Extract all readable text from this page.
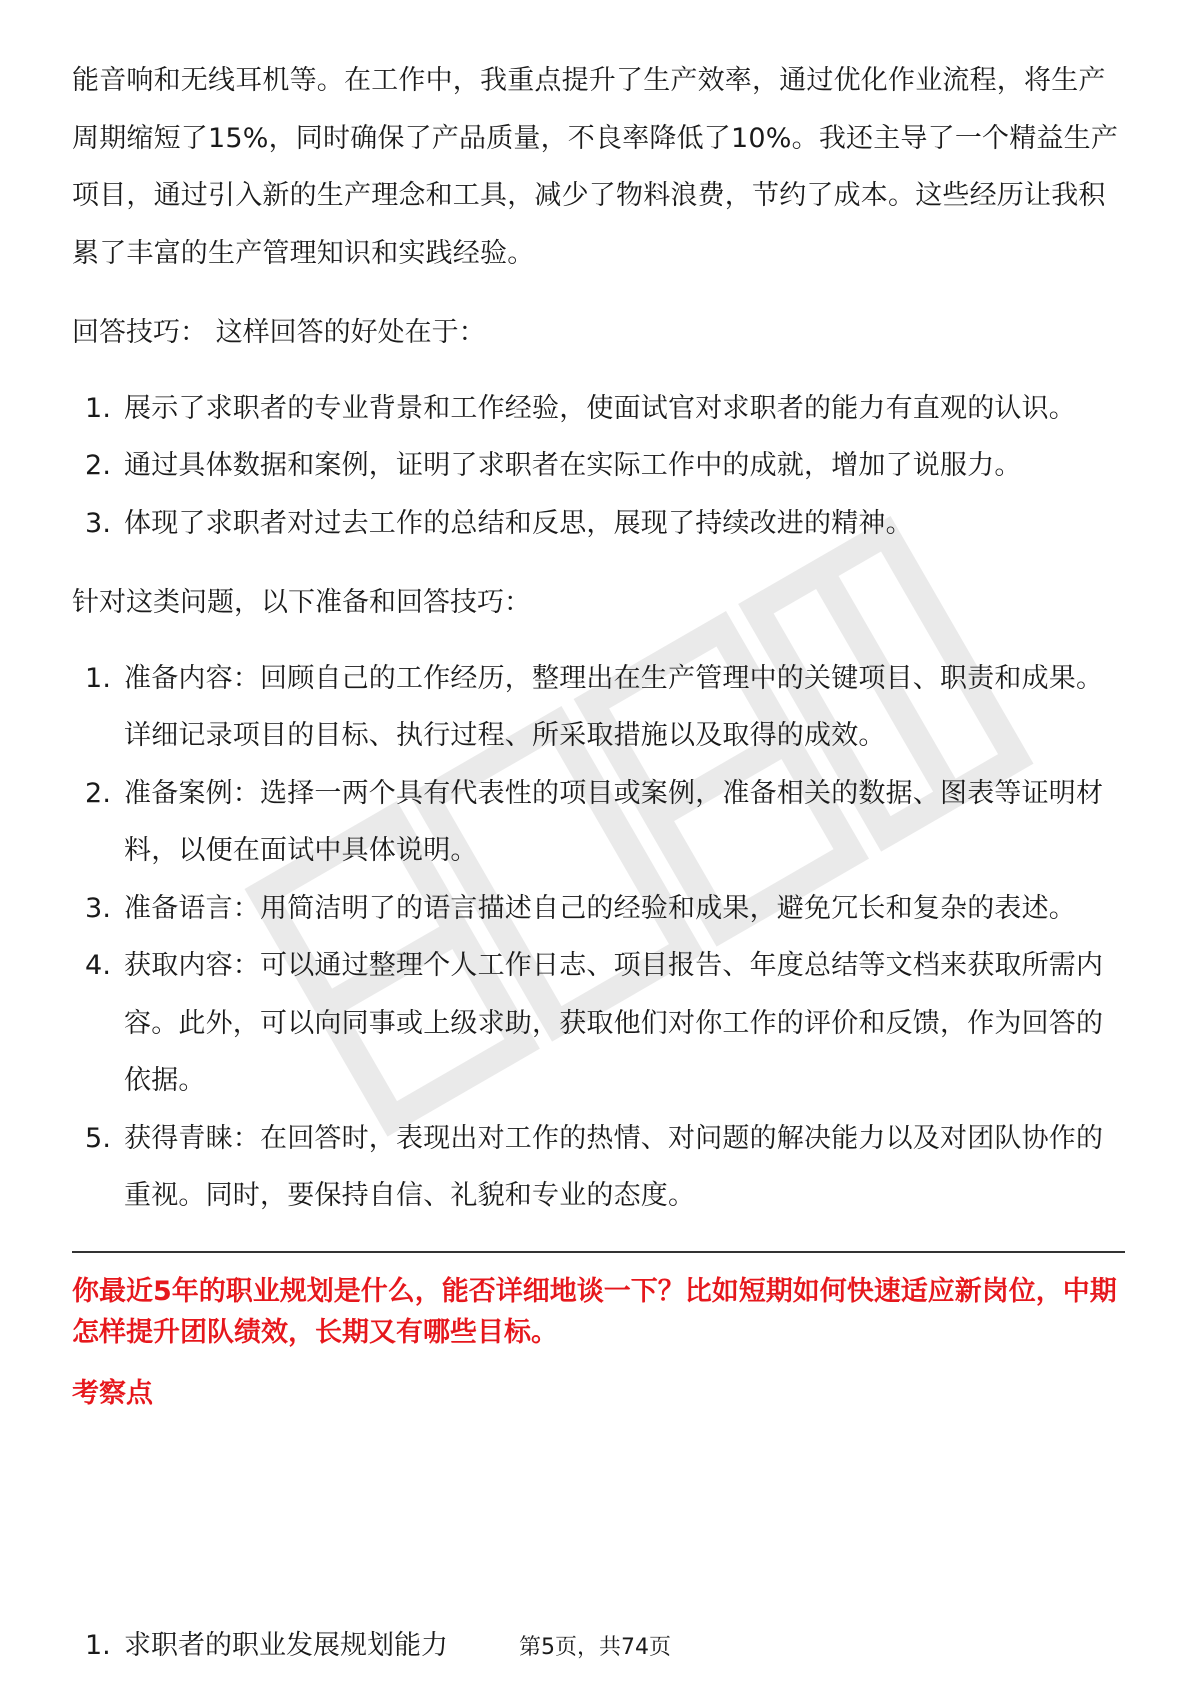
能音响和无线耳机等。在工作中，我重点提升了生产效率，通过优化作业流程，将生产周期缩短了15%，同时确保了产品质量，不良率降低了10%。我还主导了一个精益生产项目，通过引入新的生产理念和工具，减少了物料浪费，节约了成本。这些经历让我积累了丰富的生产管理知识和实践经验。

回答技巧： 这样回答的好处在于：

1. 展示了求职者的专业背景和工作经验，使面试官对求职者的能力有直观的认识。
2. 通过具体数据和案例，证明了求职者在实际工作中的成就，增加了说服力。
3. 体现了求职者对过去工作的总结和反思，展现了持续改进的精神。

针对这类问题，以下准备和回答技巧：

1. 准备内容：回顾自己的工作经历，整理出在生产管理中的关键项目、职责和成果。详细记录项目的目标、执行过程、所采取措施以及取得的成效。
2. 准备案例：选择一两个具有代表性的项目或案例，准备相关的数据、图表等证明材料，以便在面试中具体说明。
3. 准备语言：用简洁明了的语言描述自己的经验和成果，避免冗长和复杂的表述。
4. 获取内容：可以通过整理个人工作日志、项目报告、年度总结等文档来获取所需内容。此外，可以向同事或上级求助，获取他们对你工作的评价和反馈，作为回答的依据。
5. 获得青睐：在回答时，表现出对工作的热情、对问题的解决能力以及对团队协作的重视。同时，要保持自信、礼貌和专业的态度。

你最近5年的职业规划是什么，能否详细地谈一下？比如短期如何快速适应新岗位，中期怎样提升团队绩效，长期又有哪些目标。

考察点

1. 求职者的职业发展规划能力	第5页，共74页
